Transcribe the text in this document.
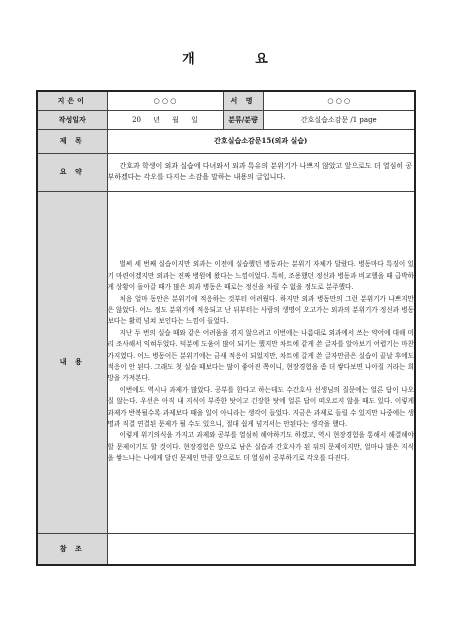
개 요
지은이	○ ○ ○	서 명	○ ○ ○
작성일자	20 년 월 일	분류/분량	간호실습소감문 /1 page
제 목	간호실습소감문15(외과 실습)		
요 약	간호과 학생이 외과 실습에 다녀와서 외과 특유의 분위기가 나쁘지 않았고 앞으로도 더 열심히 공부하겠다는 각오를 다지는 소감을 말하는 내용의 글입니다.		
내 용	벌써 세 번째 실습이지만 외과는 이전에 실습했던 병동과는 분위기 자체가 달랐다. 병동마다 특징이 있기 마련이겠지만 외과는 진짜 병원에 왔다는 느낌이었다. 특히, 조용했던 정신과 병동과 비교했을 때 급박하게 상황이 돌아갈 때가 많은 외과 병동은 때로는 정신을 차릴 수 없을 정도로 분주했다.

처음 얼마 동안은 분위기에 적응하는 것부터 어려웠다. 하지만 외과 병동만의 그런 분위기가 나쁘지만은 않았다. 어느 정도 분위기에 적응되고 난 뒤부터는 사람의 생명이 오고가는 외과의 분위기가 정신과 병동보다는 활력 넘쳐 보인다는 느낌이 들었다.

지난 두 번의 실습 때와 같은 어려움을 겪지 않으려고 이번에는 나름대로 외과에서 쓰는 약어에 대해 미리 조사해서 익혀두었다. 덕분에 도움이 많이 되기는 했지만 차트에 같게 쓴 글자를 알아보기 어렵기는 마찬가지였다. 어느 병동이든 분위기에는 금새 적응이 되었지만, 차트에 갈게 쓴 글자만큼은 실습이 끝날 후에도 적응이 안 된다. 그래도 첫 실습 때보다는 많이 좋아진 쪽이니, 현장경험을 좀 더 쌓다보면 나아질 거라는 희망을 가져본다.

이번에도 역시나 과제가 많았다. 공부를 한다고 하는데도 수간호사 선생님의 질문에는 얼른 답이 나오질 않는다. 우선은 아직 내 지식이 부족한 탓이고 긴장한 탓에 얼른 답이 떠오르지 않을 때도 있다. 이렇게 과제가 반복될수록 과제보다 때을 일이 아니라는 생각이 들었다. 지금은 과제로 들릴 수 있지만 나중에는 생명과 직결 연결된 문제가 될 수도 있으니, 절대 쉽게 넘겨서는 안된다는 생각을 했다.

이렇게 위기의식을 가지고 과제와 공부를 열심히 해야하기도 하겠고, 역시 현장경험을 통해서 해결해야 할 문제이기도 할 것이다. 현장경험은 앞으로 남은 실습과 간호사가 된 뒤의 문제이지만, 얼마나 많은 지식을 쌓느냐는 나에게 달린 문제인 만큼 앞으로도 더 열심히 공부하기로 각오를 다진다.		

참 조			
